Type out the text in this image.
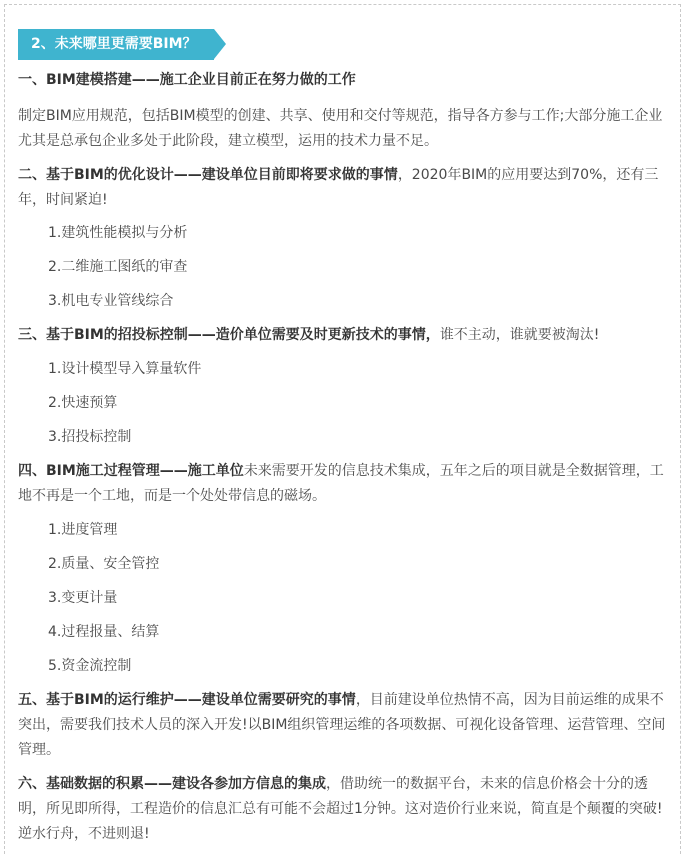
2、未来哪里更需要BIM？
一、BIM建模搭建——施工企业目前正在努力做的工作
制定BIM应用规范，包括BIM模型的创建、共享、使用和交付等规范，指导各方参与工作;大部分施工企业尤其是总承包企业多处于此阶段，建立模型，运用的技术力量不足。
二、基于BIM的优化设计——建设单位目前即将要求做的事情，2020年BIM的应用要达到70%，还有三年，时间紧迫!
1.建筑性能模拟与分析
2.二维施工图纸的审查
3.机电专业管线综合
三、基于BIM的招投标控制——造价单位需要及时更新技术的事情，谁不主动，谁就要被淘汰!
1.设计模型导入算量软件
2.快速预算
3.招投标控制
四、BIM施工过程管理——施工单位未来需要开发的信息技术集成，五年之后的项目就是全数据管理，工地不再是一个工地，而是一个处处带信息的磁场。
1.进度管理
2.质量、安全管控
3.变更计量
4.过程报量、结算
5.资金流控制
五、基于BIM的运行维护——建设单位需要研究的事情，目前建设单位热情不高，因为目前运维的成果不突出，需要我们技术人员的深入开发!以BIM组织管理运维的各项数据、可视化设备管理、运营管理、空间管理。
六、基础数据的积累——建设各参加方信息的集成，借助统一的数据平台，未来的信息价格会十分的透明，所见即所得，工程造价的信息汇总有可能不会超过1分钟。这对造价行业来说，简直是个颠覆的突破!逆水行舟，不进则退!
